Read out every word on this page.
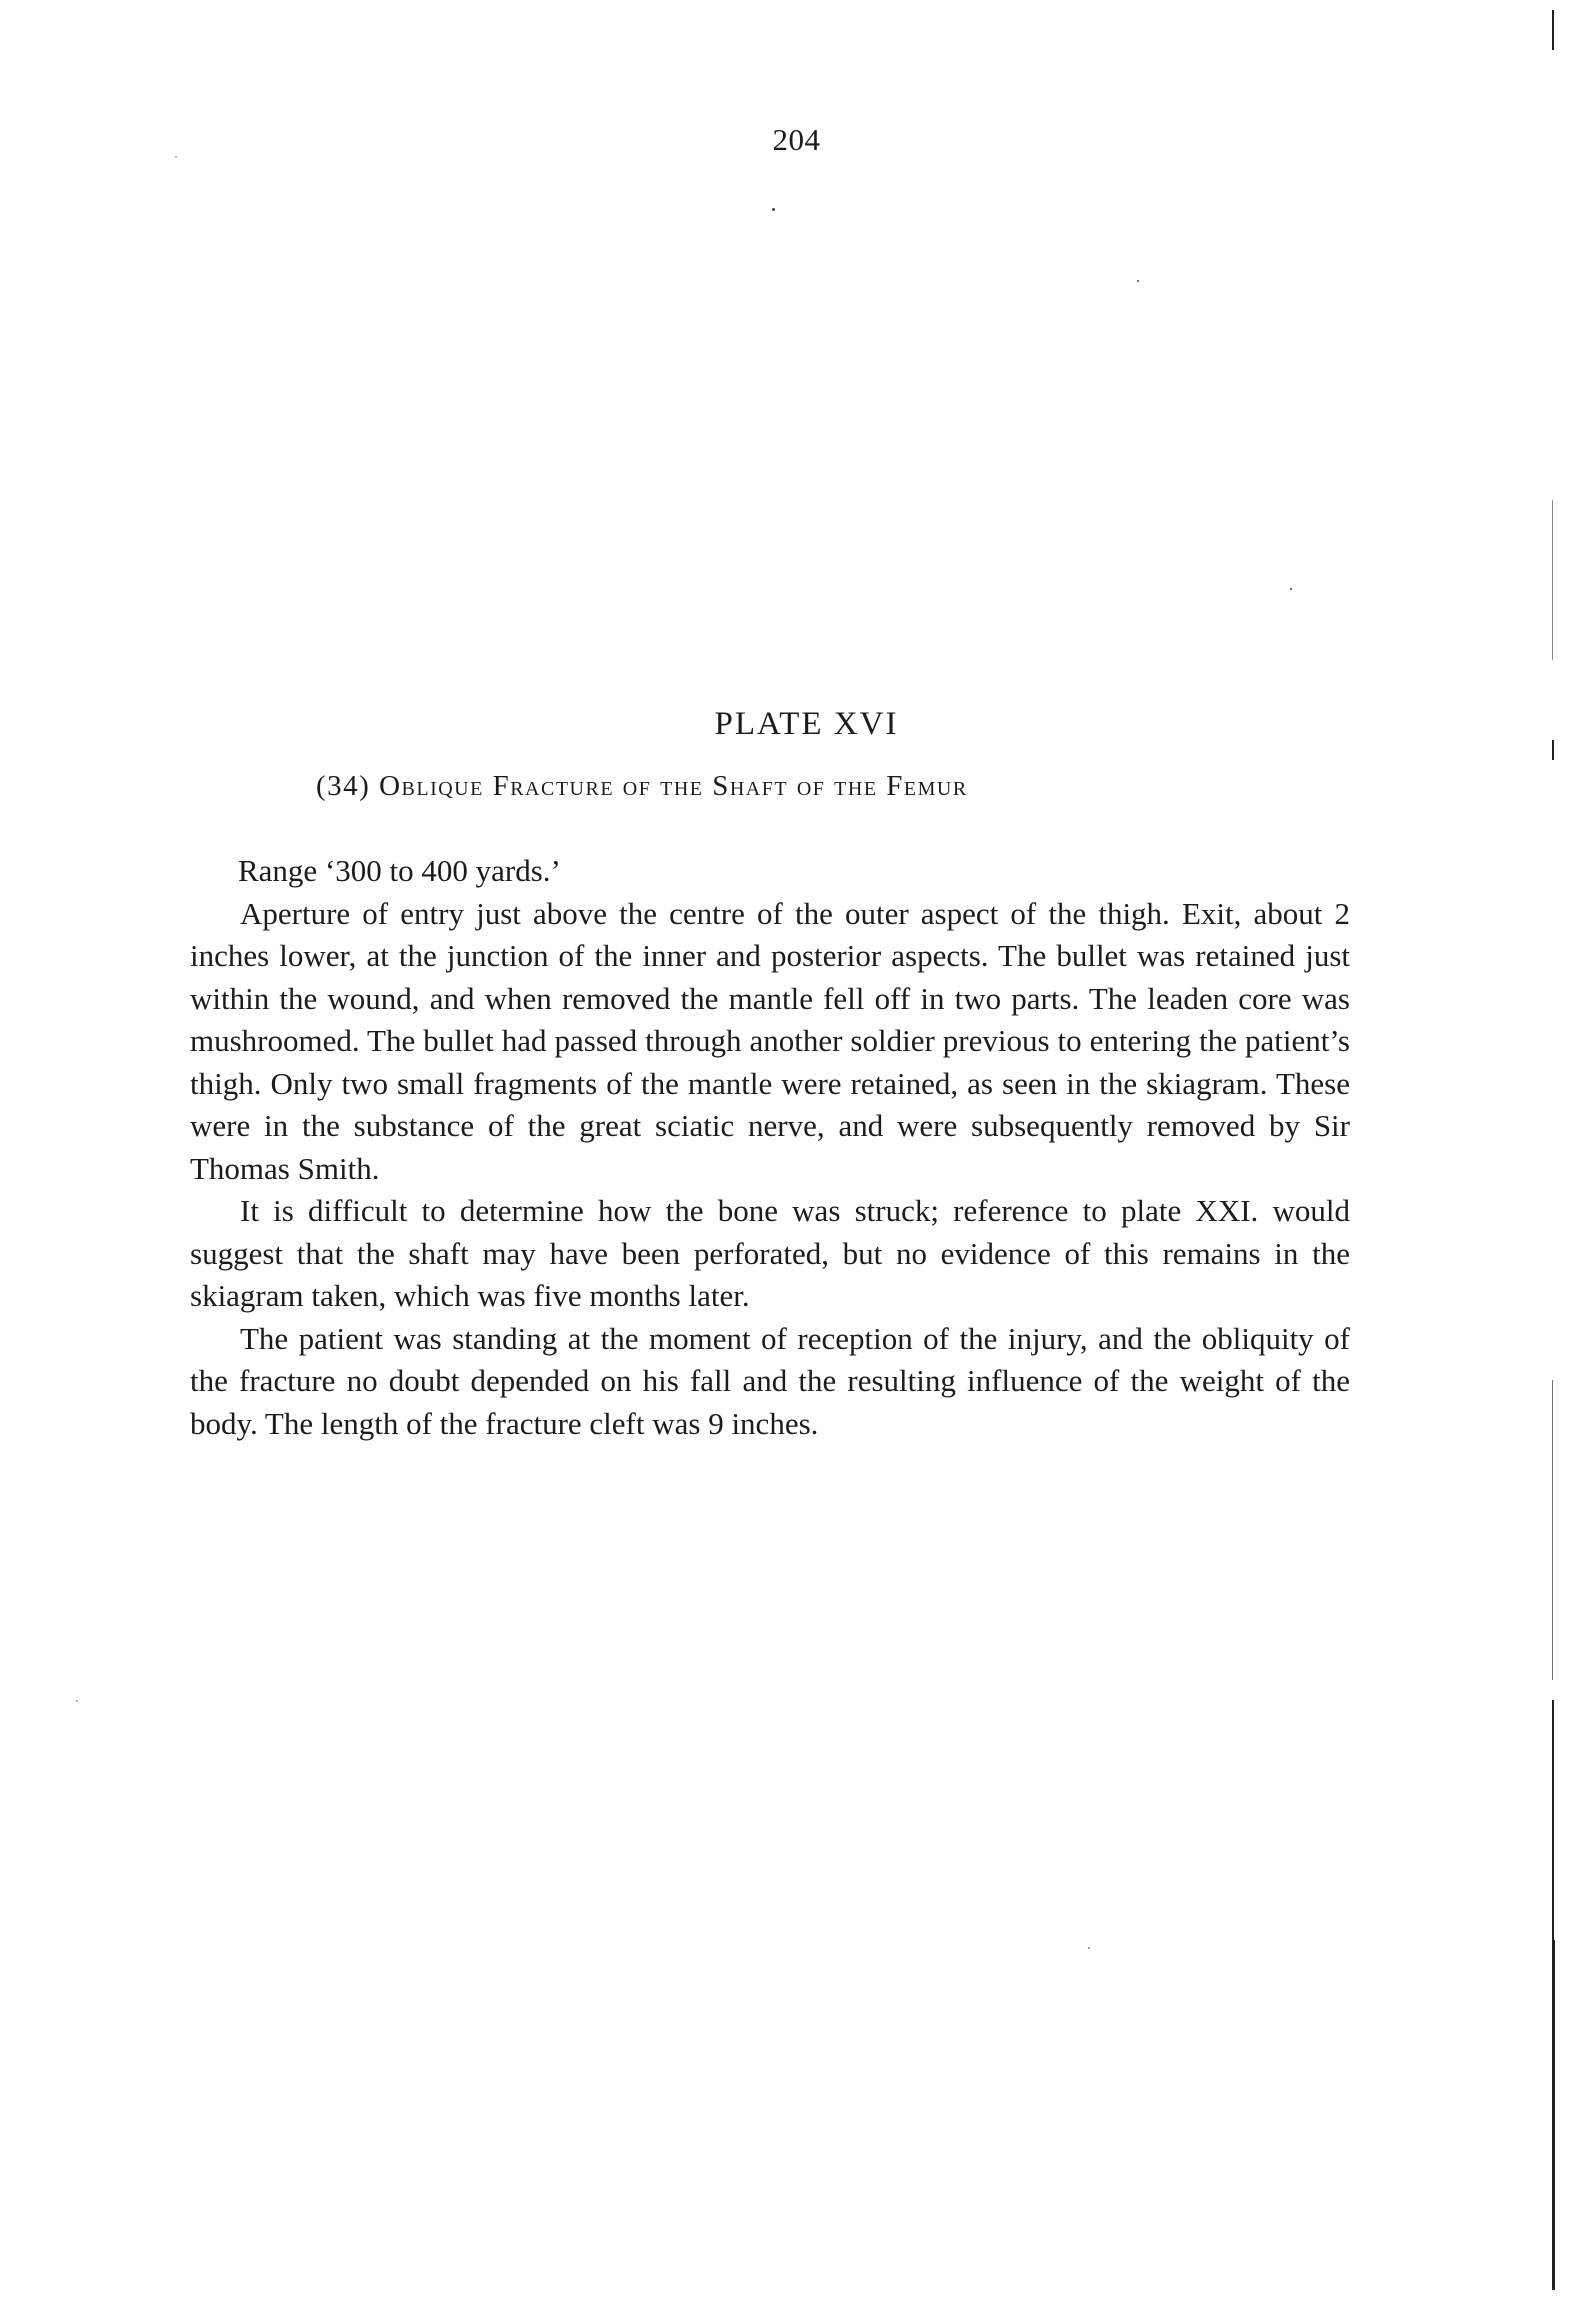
204
PLATE XVI
(34) Oblique Fracture of the Shaft of the Femur

Range ‘300 to 400 yards.’

Aperture of entry just above the centre of the outer aspect of the thigh. Exit, about 2 inches lower, at the junction of the inner and posterior aspects. The bullet was retained just within the wound, and when removed the mantle fell off in two parts. The leaden core was mushroomed. The bullet had passed through another soldier previous to entering the patient’s thigh. Only two small fragments of the mantle were retained, as seen in the skiagram. These were in the substance of the great sciatic nerve, and were subsequently removed by Sir Thomas Smith.

It is difficult to determine how the bone was struck; reference to plate XXI. would suggest that the shaft may have been perforated, but no evidence of this remains in the skiagram taken, which was five months later.

The patient was standing at the moment of reception of the injury, and the obliquity of the fracture no doubt depended on his fall and the resulting influence of the weight of the body. The length of the fracture cleft was 9 inches.
